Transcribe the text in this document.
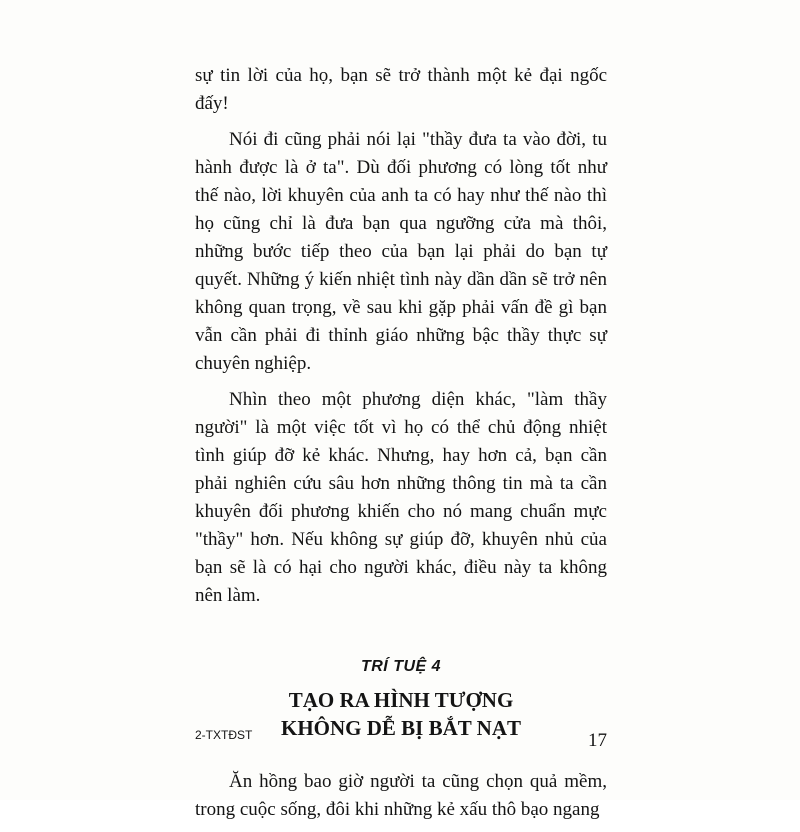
sự tin lời của họ, bạn sẽ trở thành một kẻ đại ngốc đấy!

Nói đi cũng phải nói lại "thầy đưa ta vào đời, tu hành được là ở ta". Dù đối phương có lòng tốt như thế nào, lời khuyên của anh ta có hay như thế nào thì họ cũng chỉ là đưa bạn qua ngưỡng cửa mà thôi, những bước tiếp theo của bạn lại phải do bạn tự quyết. Những ý kiến nhiệt tình này dần dần sẽ trở nên không quan trọng, về sau khi gặp phải vấn đề gì bạn vẫn cần phải đi thỉnh giáo những bậc thầy thực sự chuyên nghiệp.

Nhìn theo một phương diện khác, "làm thầy người" là một việc tốt vì họ có thể chủ động nhiệt tình giúp đỡ kẻ khác. Nhưng, hay hơn cả, bạn cần phải nghiên cứu sâu hơn những thông tin mà ta cần khuyên đối phương khiến cho nó mang chuẩn mực "thầy" hơn. Nếu không sự giúp đỡ, khuyên nhủ của bạn sẽ là có hại cho người khác, điều này ta không nên làm.

TRÍ TUỆ 4
TẠO RA HÌNH TƯỢNG
KHÔNG DỄ BỊ BẮT NẠT

Ăn hồng bao giờ người ta cũng chọn quả mềm, trong cuộc sống, đôi khi những kẻ xấu thô bạo ngang

2-TXTĐST	17
